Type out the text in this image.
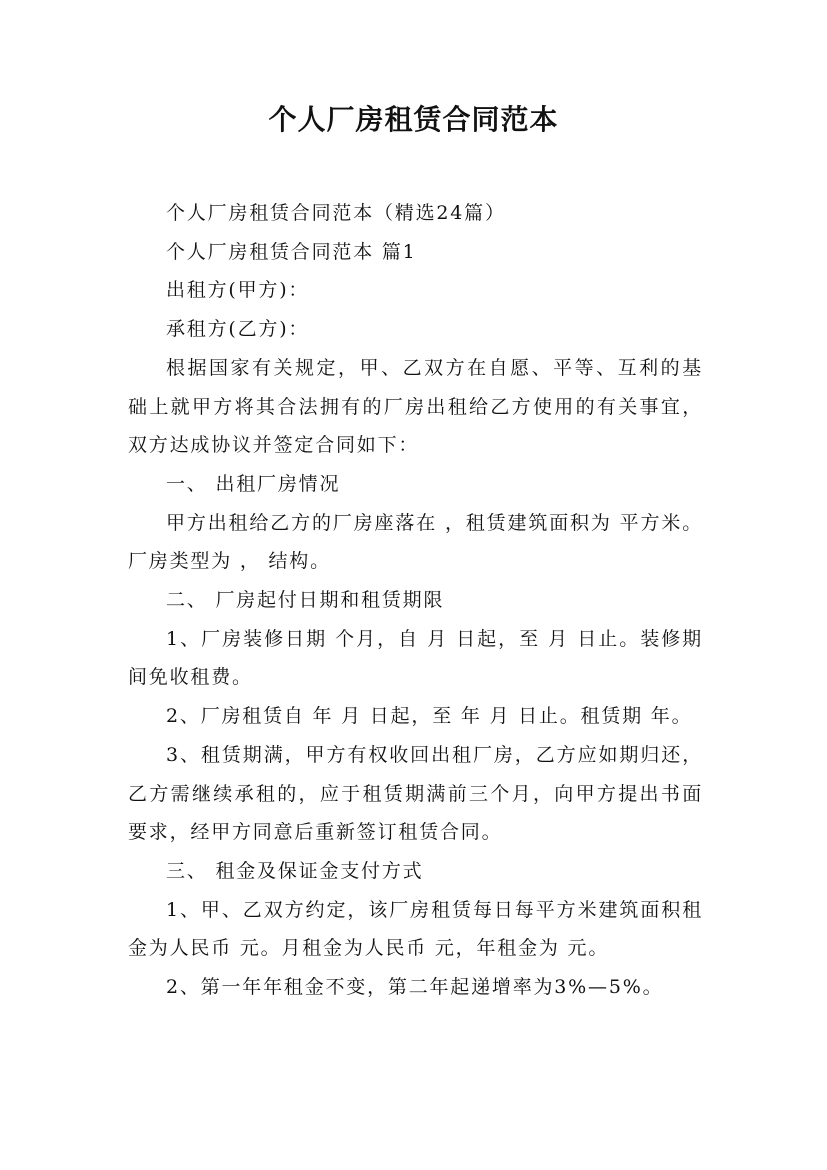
个人厂房租赁合同范本

个人厂房租赁合同范本（精选24篇）

个人厂房租赁合同范本 篇1

出租方(甲方)：

承租方(乙方)：

根据国家有关规定，甲、乙双方在自愿、平等、互利的基础上就甲方将其合法拥有的厂房出租给乙方使用的有关事宜，双方达成协议并签定合同如下：

一、 出租厂房情况

甲方出租给乙方的厂房座落在 ，租赁建筑面积为 平方米。厂房类型为 ， 结构。

二、 厂房起付日期和租赁期限

1、厂房装修日期 个月，自 月 日起，至 月 日止。装修期间免收租费。

2、厂房租赁自 年 月 日起，至 年 月 日止。租赁期 年。

3、租赁期满，甲方有权收回出租厂房，乙方应如期归还，乙方需继续承租的，应于租赁期满前三个月，向甲方提出书面要求，经甲方同意后重新签订租赁合同。

三、 租金及保证金支付方式

1、甲、乙双方约定，该厂房租赁每日每平方米建筑面积租金为人民币 元。月租金为人民币 元，年租金为 元。

2、第一年年租金不变，第二年起递增率为3%—5%。
